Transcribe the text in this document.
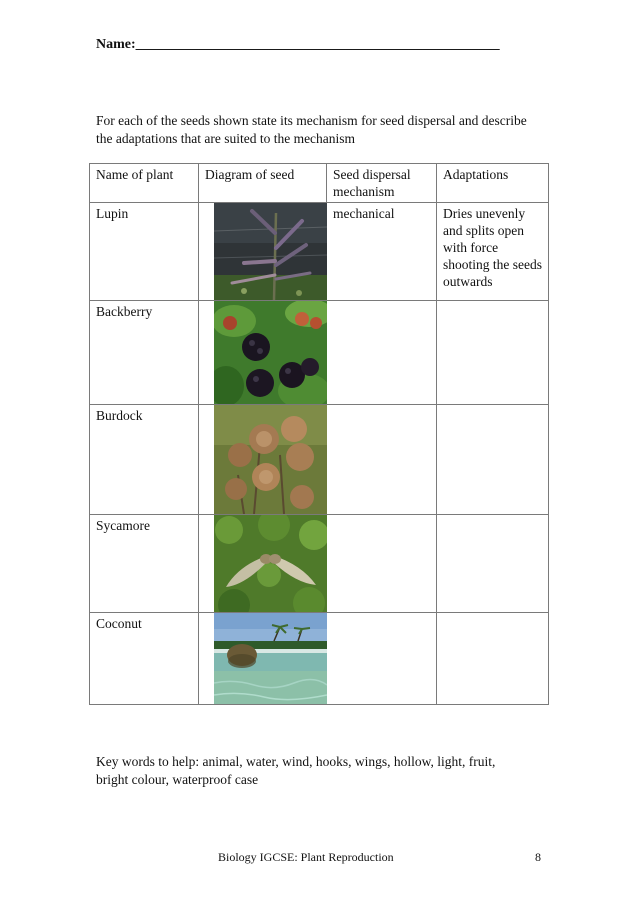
Name:____________________________________________________
For each of the seeds shown state its mechanism for seed dispersal and describe the adaptations that are suited to the mechanism
Name of plant	Diagram of seed	Seed dispersal mechanism	Adaptations
Lupin		mechanical	Dries unevenly and splits open with force shooting the seeds outwards
Backberry	

Burdock	

Sycamore	

Coconut	

Key words to help: animal, water, wind, hooks, wings, hollow, light, fruit, bright colour, waterproof case
Biology IGCSE: Plant Reproduction	8
